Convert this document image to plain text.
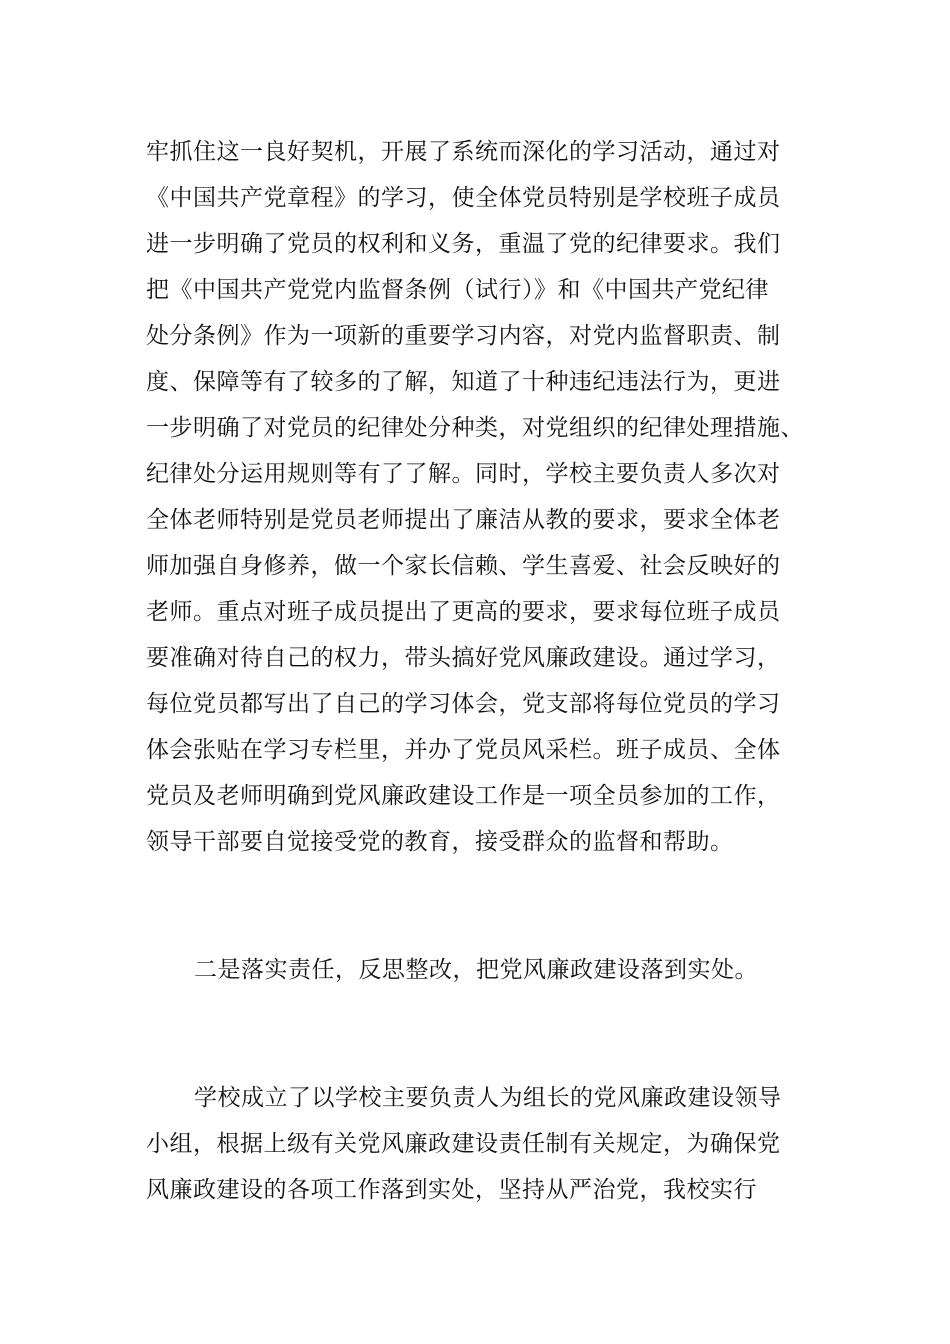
牢抓住这一良好契机，开展了系统而深化的学习活动，通过对

《中国共产党章程》的学习，使全体党员特别是学校班子成员

进一步明确了党员的权利和义务，重温了党的纪律要求。我们

把《中国共产党党内监督条例（试行）》和《中国共产党纪律

处分条例》作为一项新的重要学习内容，对党内监督职责、制

度、保障等有了较多的了解，知道了十种违纪违法行为，更进

一步明确了对党员的纪律处分种类，对党组织的纪律处理措施、

纪律处分运用规则等有了了解。同时，学校主要负责人多次对

全体老师特别是党员老师提出了廉洁从教的要求，要求全体老

师加强自身修养，做一个家长信赖、学生喜爱、社会反映好的

老师。重点对班子成员提出了更高的要求，要求每位班子成员

要准确对待自己的权力，带头搞好党风廉政建设。通过学习，

每位党员都写出了自己的学习体会，党支部将每位党员的学习

体会张贴在学习专栏里，并办了党员风采栏。班子成员、全体

党员及老师明确到党风廉政建设工作是一项全员参加的工作，

领导干部要自觉接受党的教育，接受群众的监督和帮助。

二是落实责任，反思整改，把党风廉政建设落到实处。

学校成立了以学校主要负责人为组长的党风廉政建设领导

小组，根据上级有关党风廉政建设责任制有关规定，为确保党

风廉政建设的各项工作落到实处，坚持从严治党，我校实行
